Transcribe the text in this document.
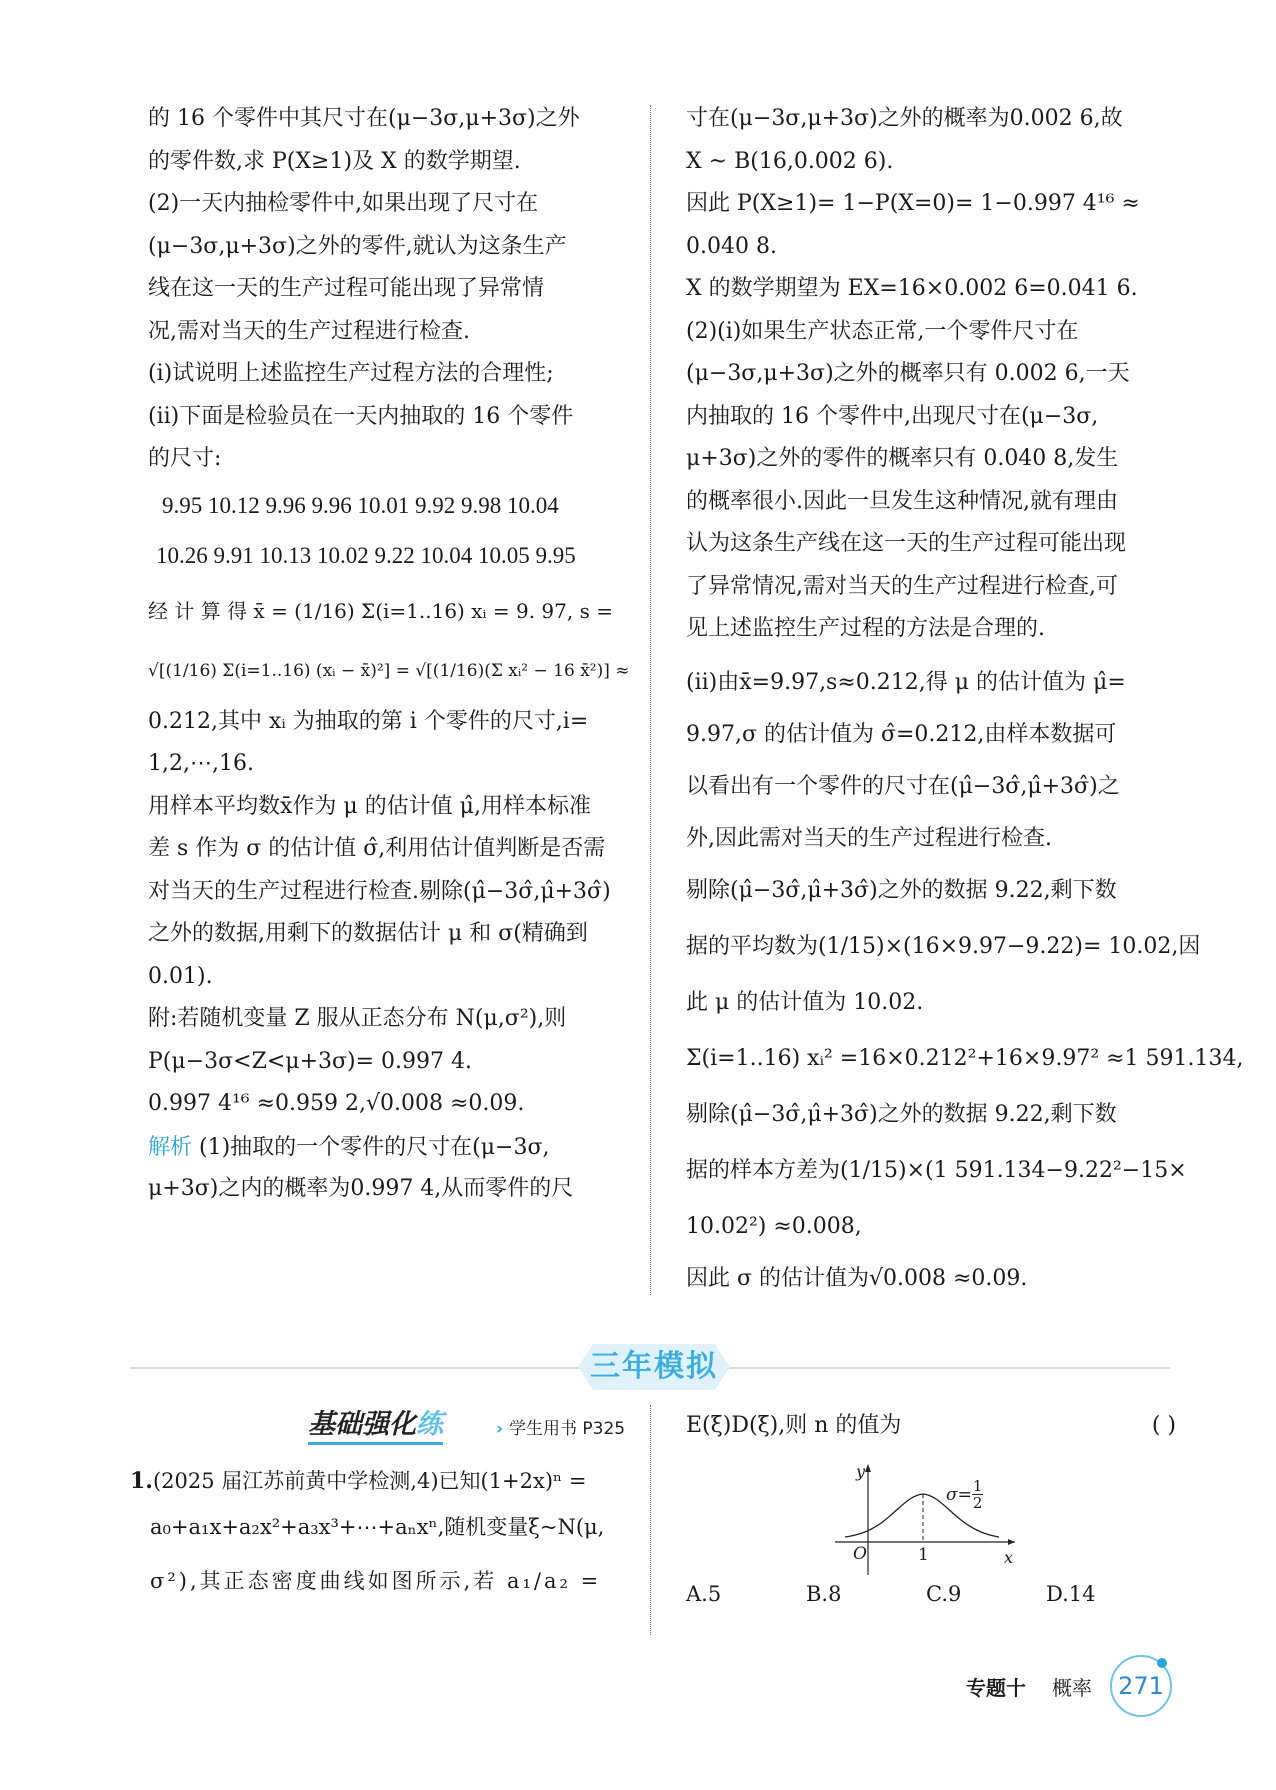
的 16 个零件中其尺寸在(μ−3σ,μ+3σ)之外
的零件数,求 P(X≥1)及 X 的数学期望.
(2)一天内抽检零件中,如果出现了尺寸在
(μ−3σ,μ+3σ)之外的零件,就认为这条生产
线在这一天的生产过程可能出现了异常情
况,需对当天的生产过程进行检查.
(ⅰ)试说明上述监控生产过程方法的合理性;
(ⅱ)下面是检验员在一天内抽取的 16 个零件
的尺寸:
9.95 10.12 9.96 9.96 10.01 9.92 9.98 10.04
10.26 9.91 10.13 10.02 9.22 10.04 10.05 9.95
经 计 算 得 x̄ = (1/16) Σ(i=1..16) xᵢ = 9. 97, s =
√[(1/16) Σ(i=1..16) (xᵢ − x̄)²] = √[(1/16)(Σ xᵢ² − 16 x̄²)] ≈
0.212,其中 xᵢ 为抽取的第 i 个零件的尺寸,i=
1,2,⋯,16.
用样本平均数x̄作为 μ 的估计值 μ̂,用样本标准
差 s 作为 σ 的估计值 σ̂,利用估计值判断是否需
对当天的生产过程进行检查.剔除(μ̂−3σ̂,μ̂+3σ̂)
之外的数据,用剩下的数据估计 μ 和 σ(精确到
0.01).
附:若随机变量 Z 服从正态分布 N(μ,σ²),则
P(μ−3σ<Z<μ+3σ)= 0.997 4.
0.997 4¹⁶ ≈0.959 2,√0.008 ≈0.09.
解析 (1)抽取的一个零件的尺寸在(μ−3σ,
μ+3σ)之内的概率为0.997 4,从而零件的尺
寸在(μ−3σ,μ+3σ)之外的概率为0.002 6,故
X ~ B(16,0.002 6).
因此 P(X≥1)= 1−P(X=0)= 1−0.997 4¹⁶ ≈
0.040 8.
X 的数学期望为 EX=16×0.002 6=0.041 6.
(2)(ⅰ)如果生产状态正常,一个零件尺寸在
(μ−3σ,μ+3σ)之外的概率只有 0.002 6,一天
内抽取的 16 个零件中,出现尺寸在(μ−3σ,
μ+3σ)之外的零件的概率只有 0.040 8,发生
的概率很小.因此一旦发生这种情况,就有理由
认为这条生产线在这一天的生产过程可能出现
了异常情况,需对当天的生产过程进行检查,可
见上述监控生产过程的方法是合理的.
(ⅱ)由x̄=9.97,s≈0.212,得 μ 的估计值为 μ̂=
9.97,σ 的估计值为 σ̂=0.212,由样本数据可
以看出有一个零件的尺寸在(μ̂−3σ̂,μ̂+3σ̂)之
外,因此需对当天的生产过程进行检查.
剔除(μ̂−3σ̂,μ̂+3σ̂)之外的数据 9.22,剩下数
据的平均数为(1/15)×(16×9.97−9.22)= 10.02,因
此 μ 的估计值为 10.02.
Σ(i=1..16) xᵢ² =16×0.212²+16×9.97² ≈1 591.134,
剔除(μ̂−3σ̂,μ̂+3σ̂)之外的数据 9.22,剩下数
据的样本方差为(1/15)×(1 591.134−9.22²−15×
10.02²) ≈0.008,
因此 σ 的估计值为√0.008 ≈0.09.
三年模拟
基础强化练	› 学生用书 P325
1.(2025 届江苏前黄中学检测,4)已知(1+2x)ⁿ =
a₀+a₁x+a₂x²+a₃x³+⋯+aₙxⁿ,随机变量ξ~N(μ,
σ²),其正态密度曲线如图所示,若 a₁/a₂ =
E(ξ)D(ξ),则 n 的值为	( )
y
x
O	1
$\sigma= \frac{1}{2}$
A.5	B.8	C.9	D.14
专题十 概率	271
